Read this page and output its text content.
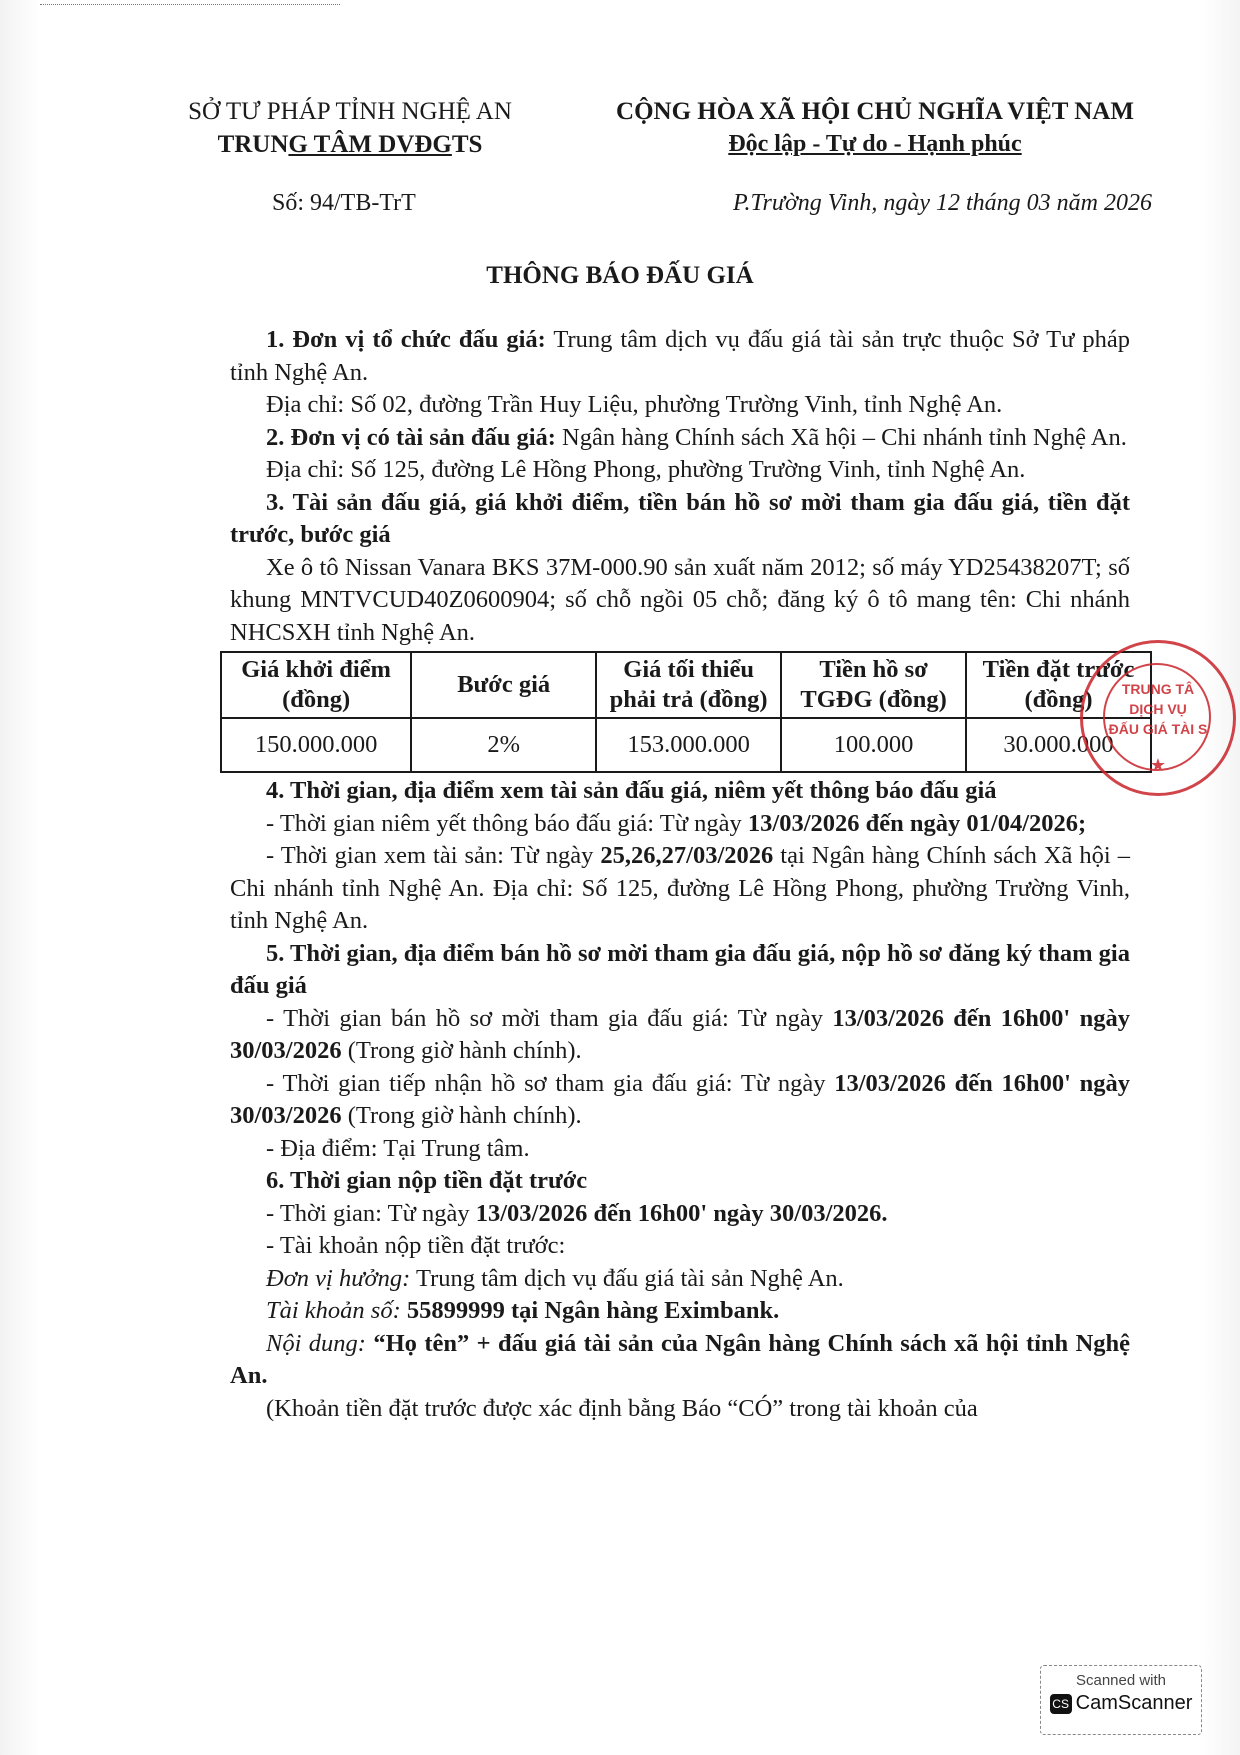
SỞ TƯ PHÁP TỈNH NGHỆ AN
TRUNG TÂM DVĐGTS
CỘNG HÒA XÃ HỘI CHỦ NGHĨA VIỆT NAM
Độc lập - Tự do - Hạnh phúc
Số: 94/TB-TrT	P.Trường Vinh, ngày 12 tháng 03 năm 2026
THÔNG BÁO ĐẤU GIÁ

1. Đơn vị tổ chức đấu giá: Trung tâm dịch vụ đấu giá tài sản trực thuộc Sở Tư pháp tỉnh Nghệ An.

Địa chỉ: Số 02, đường Trần Huy Liệu, phường Trường Vinh, tỉnh Nghệ An.

2. Đơn vị có tài sản đấu giá: Ngân hàng Chính sách Xã hội – Chi nhánh tỉnh Nghệ An.

Địa chỉ: Số 125, đường Lê Hồng Phong, phường Trường Vinh, tỉnh Nghệ An.

3. Tài sản đấu giá, giá khởi điểm, tiền bán hồ sơ mời tham gia đấu giá, tiền đặt trước, bước giá

Xe ô tô Nissan Vanara BKS 37M-000.90 sản xuất năm 2012; số máy YD25438207T; số khung MNTVCUD40Z0600904; số chỗ ngồi 05 chỗ; đăng ký ô tô mang tên: Chi nhánh NHCSXH tỉnh Nghệ An.

Giá khởi điểm (đồng)	Bước giá	Giá tối thiểu phải trả (đồng)	Tiền hồ sơ TGĐG (đồng)	Tiền đặt trước (đồng)
150.000.000	2%	153.000.000	100.000	30.000.000

4. Thời gian, địa điểm xem tài sản đấu giá, niêm yết thông báo đấu giá

- Thời gian niêm yết thông báo đấu giá: Từ ngày 13/03/2026 đến ngày 01/04/2026;

- Thời gian xem tài sản: Từ ngày 25,26,27/03/2026 tại Ngân hàng Chính sách Xã hội – Chi nhánh tỉnh Nghệ An. Địa chỉ: Số 125, đường Lê Hồng Phong, phường Trường Vinh, tỉnh Nghệ An.

5. Thời gian, địa điểm bán hồ sơ mời tham gia đấu giá, nộp hồ sơ đăng ký tham gia đấu giá

- Thời gian bán hồ sơ mời tham gia đấu giá: Từ ngày 13/03/2026 đến 16h00' ngày 30/03/2026 (Trong giờ hành chính).

- Thời gian tiếp nhận hồ sơ tham gia đấu giá: Từ ngày 13/03/2026 đến 16h00' ngày 30/03/2026 (Trong giờ hành chính).

- Địa điểm: Tại Trung tâm.

6. Thời gian nộp tiền đặt trước

- Thời gian: Từ ngày 13/03/2026 đến 16h00' ngày 30/03/2026.

- Tài khoản nộp tiền đặt trước:

Đơn vị hưởng: Trung tâm dịch vụ đấu giá tài sản Nghệ An.

Tài khoản số: 55899999 tại Ngân hàng Eximbank.

Nội dung: “Họ tên” + đấu giá tài sản của Ngân hàng Chính sách xã hội tỉnh Nghệ An.

(Khoản tiền đặt trước được xác định bằng Báo “CÓ” trong tài khoản của

TRUNG TÂ
DỊCH VỤ
ĐẤU GIÁ TÀI S
★
Scanned with
CS CamScanner
